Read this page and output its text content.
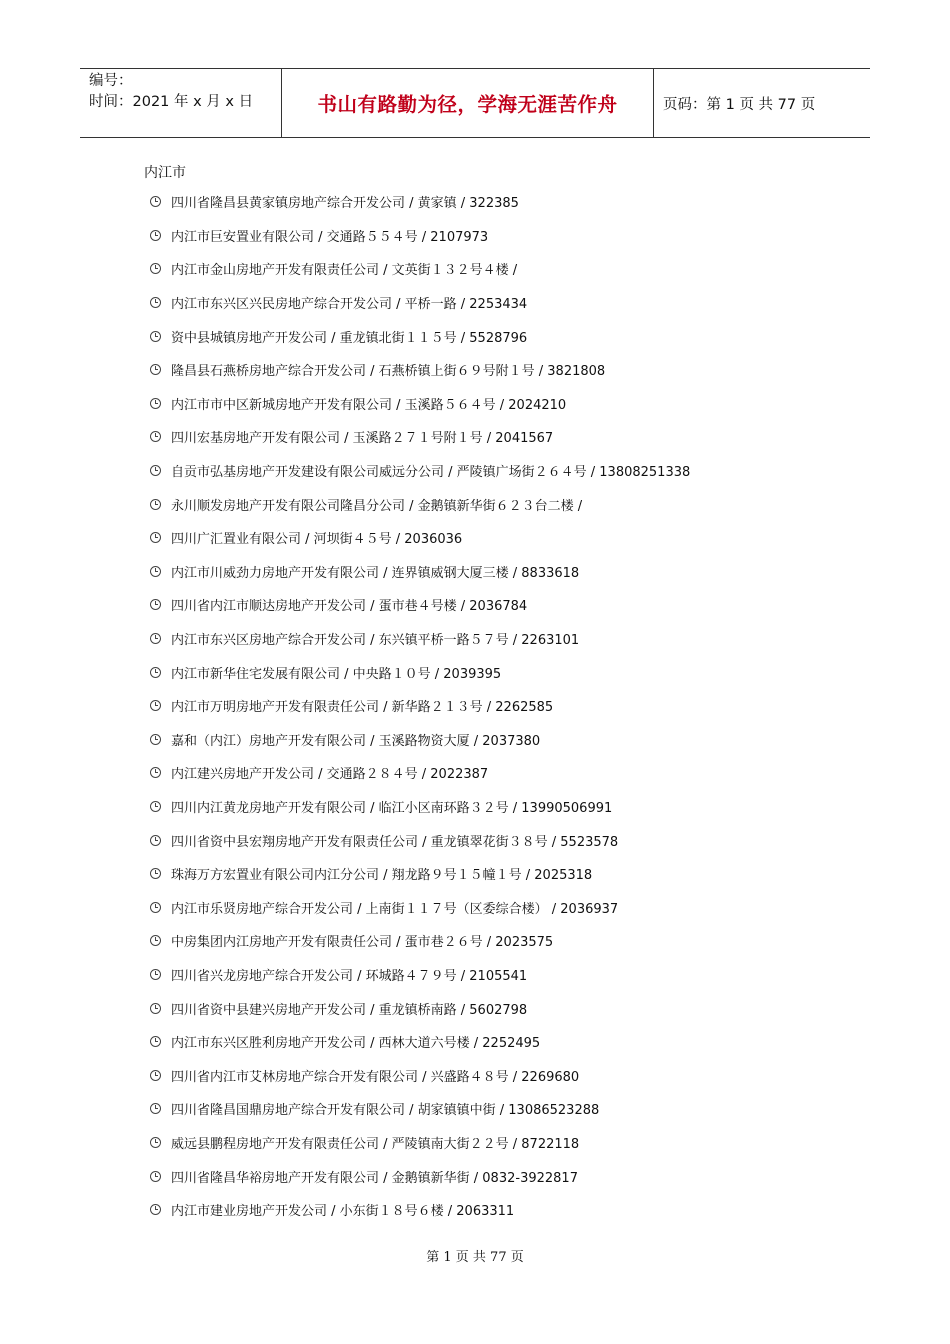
编号：
时间：2021 年 x 月 x 日	书山有路勤为径，学海无涯苦作舟	页码：第 1 页 共 77 页
内江市
四川省隆昌县黄家镇房地产综合开发公司 / 黄家镇 / 322385
内江市巨安置业有限公司 / 交通路５５４号 / 2107973
内江市金山房地产开发有限责任公司 / 文英街１３２号４楼 /
内江市东兴区兴民房地产综合开发公司 / 平桥一路 / 2253434
资中县城镇房地产开发公司 / 重龙镇北街１１５号 / 5528796
隆昌县石燕桥房地产综合开发公司 / 石燕桥镇上街６９号附１号 / 3821808
内江市市中区新城房地产开发有限公司 / 玉溪路５６４号 / 2024210
四川宏基房地产开发有限公司 / 玉溪路２７１号附１号 / 2041567
自贡市弘基房地产开发建设有限公司威远分公司 / 严陵镇广场街２６４号 / 13808251338
永川顺发房地产开发有限公司隆昌分公司 / 金鹅镇新华街６２３台二楼 /
四川广汇置业有限公司 / 河坝街４５号 / 2036036
内江市川威劲力房地产开发有限公司 / 连界镇威钢大厦三楼 / 8833618
四川省内江市顺达房地产开发公司 / 蛋市巷４号楼 / 2036784
内江市东兴区房地产综合开发公司 / 东兴镇平桥一路５７号 / 2263101
内江市新华住宅发展有限公司 / 中央路１０号 / 2039395
内江市万明房地产开发有限责任公司 / 新华路２１３号 / 2262585
嘉和（内江）房地产开发有限公司 / 玉溪路物资大厦 / 2037380
内江建兴房地产开发公司 / 交通路２８４号 / 2022387
四川内江黄龙房地产开发有限公司 / 临江小区南环路３２号 / 13990506991
四川省资中县宏翔房地产开发有限责任公司 / 重龙镇翠花街３８号 / 5523578
珠海万方宏置业有限公司内江分公司 / 翔龙路９号１５幢１号 / 2025318
内江市乐贤房地产综合开发公司 / 上南街１１７号（区委综合楼） / 2036937
中房集团内江房地产开发有限责任公司 / 蛋市巷２６号 / 2023575
四川省兴龙房地产综合开发公司 / 环城路４７９号 / 2105541
四川省资中县建兴房地产开发公司 / 重龙镇桥南路 / 5602798
内江市东兴区胜利房地产开发公司 / 西林大道六号楼 / 2252495
四川省内江市艾林房地产综合开发有限公司 / 兴盛路４８号 / 2269680
四川省隆昌国鼎房地产综合开发有限公司 / 胡家镇镇中街 / 13086523288
威远县鹏程房地产开发有限责任公司 / 严陵镇南大街２２号 / 8722118
四川省隆昌华裕房地产开发有限公司 / 金鹅镇新华街 / 0832-3922817
内江市建业房地产开发公司 / 小东街１８号６楼 / 2063311
第 1 页 共 77 页
